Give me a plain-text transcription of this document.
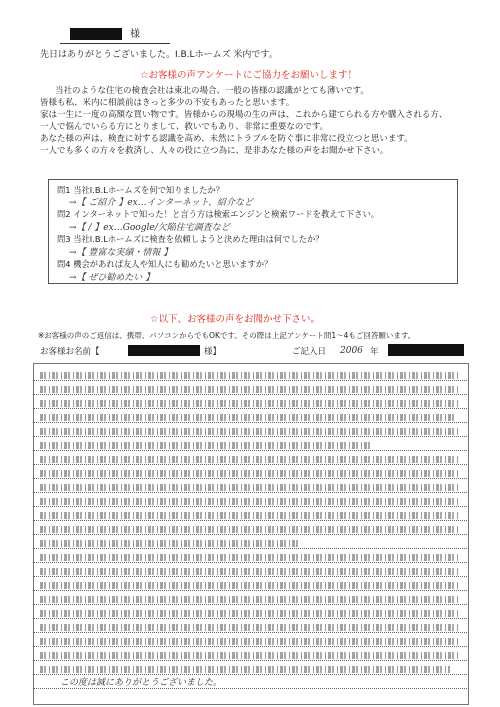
様
先日はありがとうございました。I.B.Lホームズ 米内です。
☆お客様の声アンケートにご協力をお願いします！
当社のような住宅の検査会社は東北の場合、一般の皆様の認識がとても薄いです。
皆様も私、米内に相談前はきっと多少の不安もあったと思います。
家は一生に一度の高額な買い物です。皆様からの現場の生の声は、これから建てられる方や購入される方、
一人で悩んでいらる方にとりまして、救いでもあり、非常に重要なのです。
あなた様の声は、検査に対する認識を高め、未然にトラブルを防ぐ事に非常に役立つと思います。
一人でも多くの方々を救済し、人々の役に立つ為に、是非あなた様の声をお聞かせ下さい。
問1 当社I.B.Lホームズを何で知りましたか？
→【 ご紹介 】ex…インターネット、紹介など
問2 インターネットで知った！と言う方は検索エンジンと検索ワードを教えて下さい。
→【 / 】ex…Google/欠陥住宅調査など
問3 当社I.B.Lホームズに検査を依頼しようと決めた理由は何でしたか？
→【 豊富な実績・情報 】
問4 機会があれば友人や知人にも勧めたいと思いますか？
→【 ぜひ勧めたい 】
☆以下、お客様の声をお聞かせ下さい。
※お客様の声のご返信は、携帯、パソコンからでもOKです。その際は上記アンケート問1～4もご回答願います。
お客様お名前【	様】	ご記入日 2006 年
この度は誠にありがとうございました。
